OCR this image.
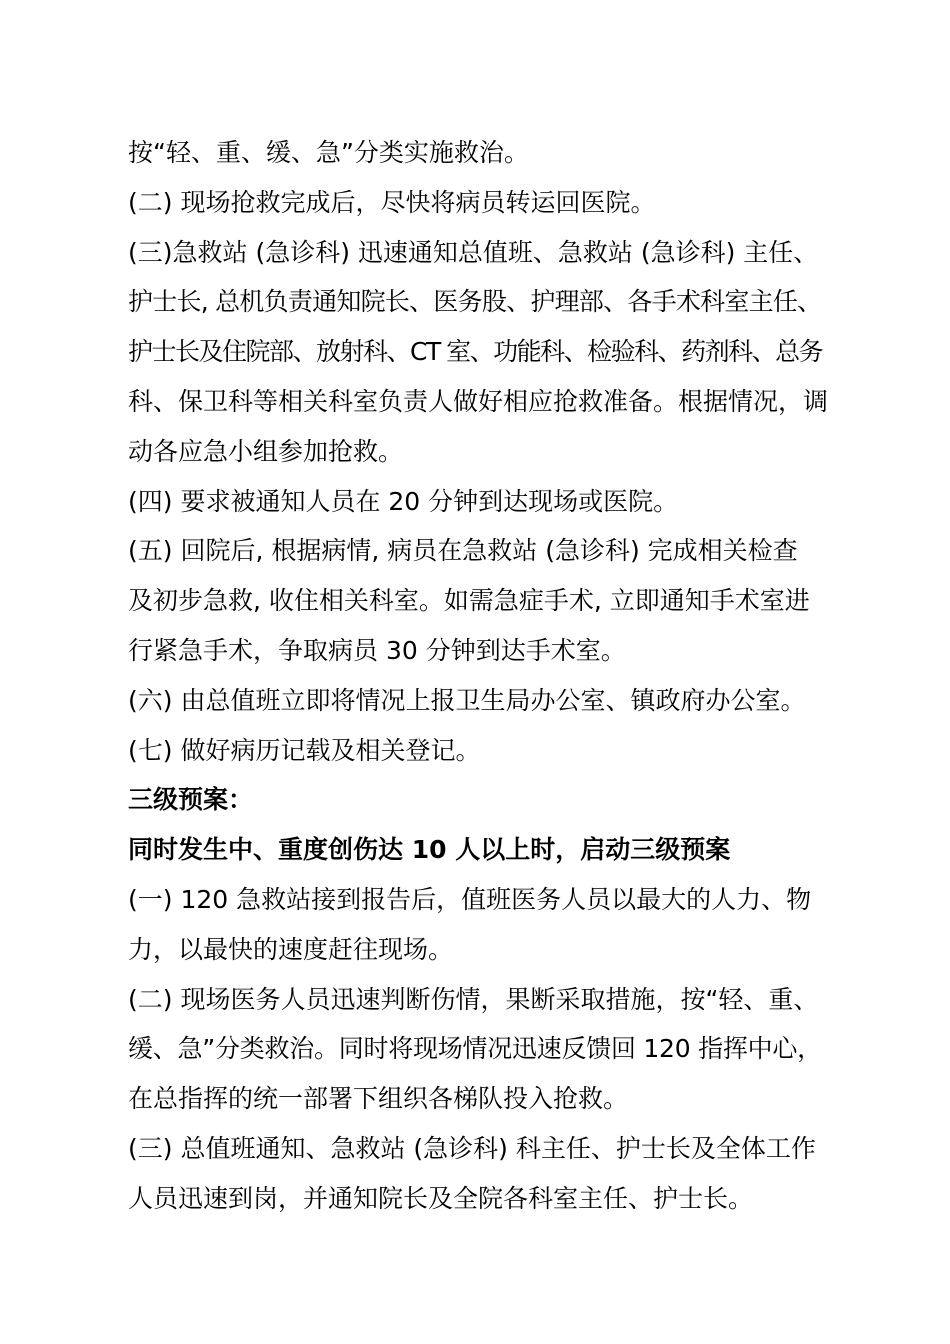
按“轻、重、缓、急”分类实施救治。
(二) 现场抢救完成后，尽快将病员转运回医院。
(三)急救站 (急诊科) 迅速通知总值班、急救站 (急诊科) 主任、
护士长, 总机负责通知院长、医务股、护理部、各手术科室主任、
护士长及住院部、放射科、CT 室、功能科、检验科、药剂科、总务
科、保卫科等相关科室负责人做好相应抢救准备。根据情况，调
动各应急小组参加抢救。
(四) 要求被通知人员在 20 分钟到达现场或医院。
(五) 回院后, 根据病情, 病员在急救站 (急诊科) 完成相关检查
及初步急救, 收住相关科室。如需急症手术, 立即通知手术室进
行紧急手术，争取病员 30 分钟到达手术室。
(六) 由总值班立即将情况上报卫生局办公室、镇政府办公室。
(七) 做好病历记载及相关登记。
三级预案：
同时发生中、重度创伤达 10 人以上时，启动三级预案
(一) 120 急救站接到报告后，值班医务人员以最大的人力、物
力，以最快的速度赶往现场。
(二) 现场医务人员迅速判断伤情，果断采取措施，按“轻、重、
缓、急”分类救治。同时将现场情况迅速反馈回 120 指挥中心，
在总指挥的统一部署下组织各梯队投入抢救。
(三) 总值班通知、急救站 (急诊科) 科主任、护士长及全体工作
人员迅速到岗，并通知院长及全院各科室主任、护士长。
